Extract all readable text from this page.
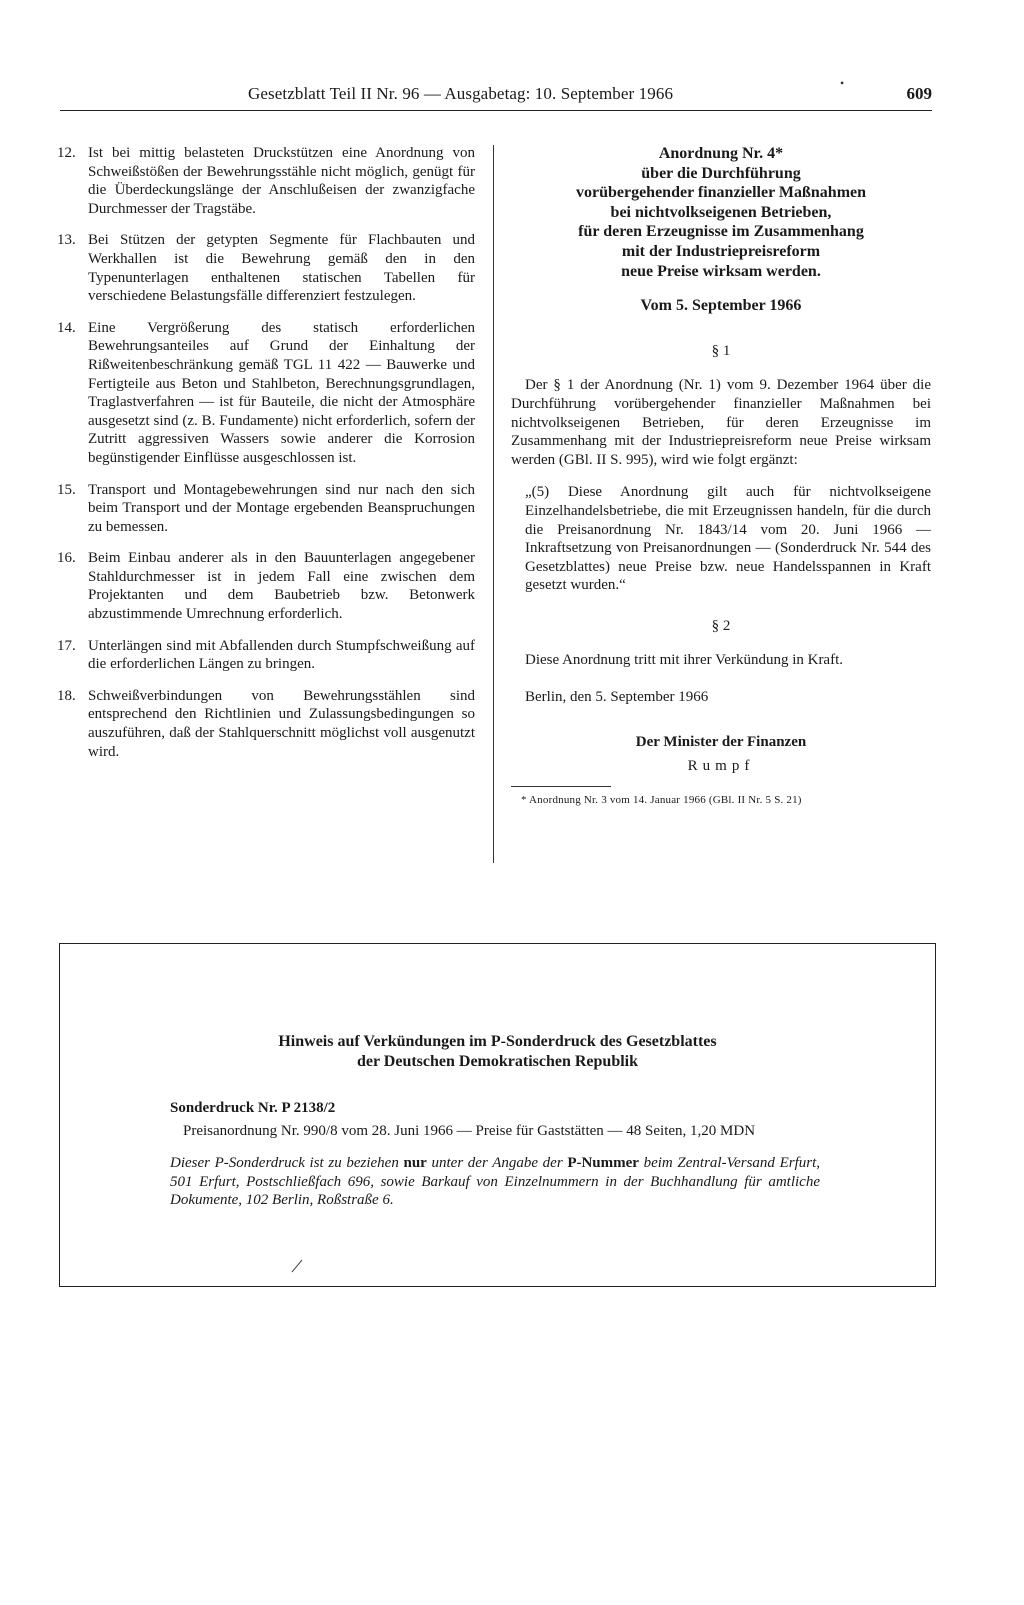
Gesetzblatt Teil II Nr. 96 — Ausgabetag: 10. September 1966	609
•
12. Ist bei mittig belasteten Druckstützen eine Anordnung von Schweißstößen der Bewehrungsstähle nicht möglich, genügt für die Überdeckungslänge der Anschlußeisen der zwanzigfache Durchmesser der Tragstäbe.
13. Bei Stützen der getypten Segmente für Flachbauten und Werkhallen ist die Bewehrung gemäß den in den Typenunterlagen enthaltenen statischen Tabellen für verschiedene Belastungsfälle differenziert festzulegen.
14. Eine Vergrößerung des statisch erforderlichen Bewehrungsanteiles auf Grund der Einhaltung der Rißweitenbeschränkung gemäß TGL 11 422 — Bauwerke und Fertigteile aus Beton und Stahlbeton, Berechnungsgrundlagen, Traglastverfahren — ist für Bauteile, die nicht der Atmosphäre ausgesetzt sind (z. B. Fundamente) nicht erforderlich, sofern der Zutritt aggressiven Wassers sowie anderer die Korrosion begünstigender Einflüsse ausgeschlossen ist.
15. Transport und Montagebewehrungen sind nur nach den sich beim Transport und der Montage ergebenden Beanspruchungen zu bemessen.
16. Beim Einbau anderer als in den Bauunterlagen angegebener Stahldurchmesser ist in jedem Fall eine zwischen dem Projektanten und dem Baubetrieb bzw. Betonwerk abzustimmende Umrechnung erforderlich.
17. Unterlängen sind mit Abfallenden durch Stumpfschweißung auf die erforderlichen Längen zu bringen.
18. Schweißverbindungen von Bewehrungsstählen sind entsprechend den Richtlinien und Zulassungsbedingungen so auszuführen, daß der Stahlquerschnitt möglichst voll ausgenutzt wird.
Anordnung Nr. 4*
über die Durchführung
vorübergehender finanzieller Maßnahmen
bei nichtvolkseigenen Betrieben,
für deren Erzeugnisse im Zusammenhang
mit der Industriepreisreform
neue Preise wirksam werden.
Vom 5. September 1966
§ 1
Der § 1 der Anordnung (Nr. 1) vom 9. Dezember 1964 über die Durchführung vorübergehender finanzieller Maßnahmen bei nichtvolkseigenen Betrieben, für deren Erzeugnisse im Zusammenhang mit der Industriepreisreform neue Preise wirksam werden (GBl. II S. 995), wird wie folgt ergänzt:
„(5) Diese Anordnung gilt auch für nichtvolkseigene Einzelhandelsbetriebe, die mit Erzeugnissen handeln, für die durch die Preisanordnung Nr. 1843/14 vom 20. Juni 1966 — Inkraftsetzung von Preisanordnungen — (Sonderdruck Nr. 544 des Gesetzblattes) neue Preise bzw. neue Handelsspannen in Kraft gesetzt wurden.“
§ 2
Diese Anordnung tritt mit ihrer Verkündung in Kraft.
Berlin, den 5. September 1966
Der Minister der Finanzen
Rumpf
* Anordnung Nr. 3 vom 14. Januar 1966 (GBl. II Nr. 5 S. 21)
Hinweis auf Verkündungen im P-Sonderdruck des Gesetzblattes
der Deutschen Demokratischen Republik
Sonderdruck Nr. P 2138/2
Preisanordnung Nr. 990/8 vom 28. Juni 1966 — Preise für Gaststätten — 48 Seiten, 1,20 MDN
Dieser P-Sonderdruck ist zu beziehen nur unter der Angabe der P-Nummer beim Zentral-Versand Erfurt, 501 Erfurt, Postschließfach 696, sowie Barkauf von Einzelnummern in der Buchhandlung für amtliche Dokumente, 102 Berlin, Roßstraße 6.
